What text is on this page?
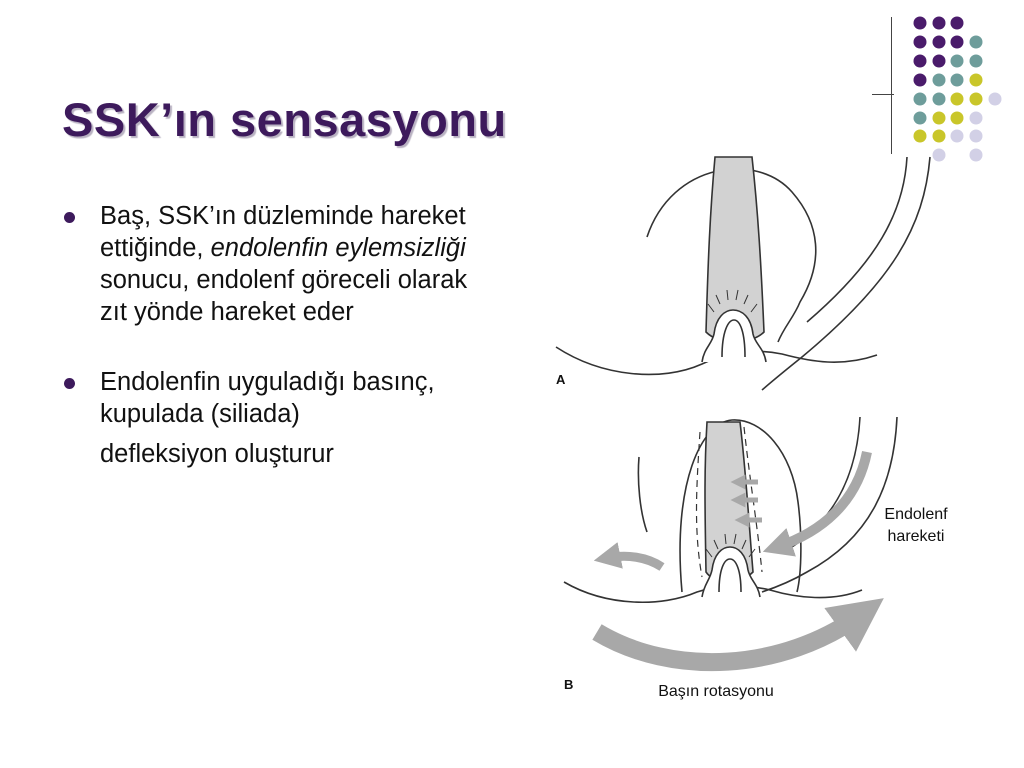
SSK’ın sensasyonu
Baş, SSK’ın düzleminde hareket ettiğinde, endolenfin eylemsizliği sonucu, endolenf göreceli olarak zıt yönde hareket eder
Endolenfin uyguladığı basınç, kupulada (siliada)
defleksiyon oluşturur
A
B
Endolenf
hareketi
Başın rotasyonu
